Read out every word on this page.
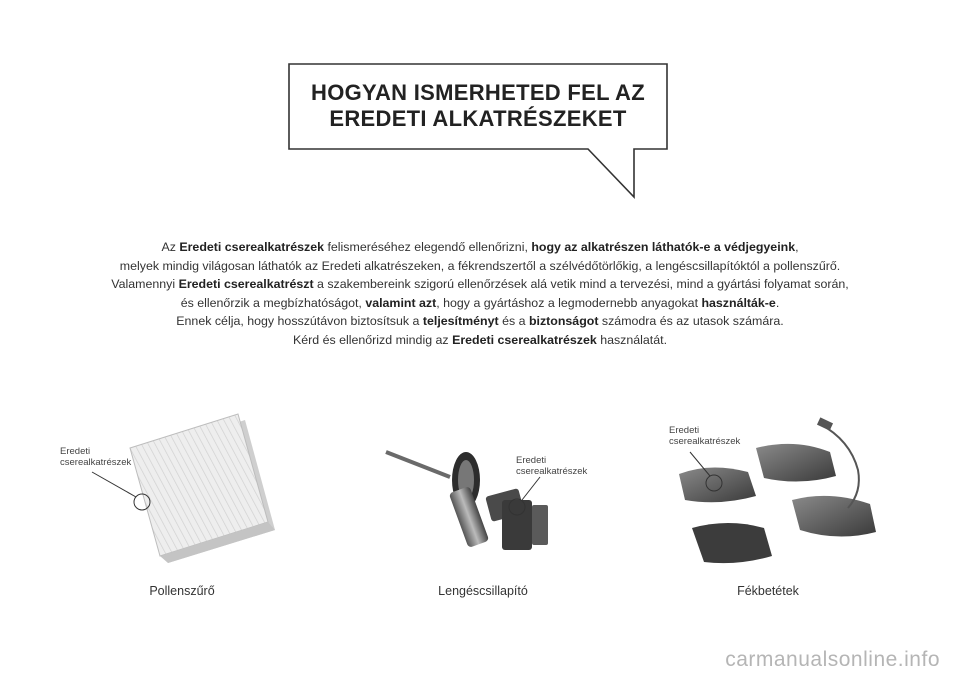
HOGYAN ISMERHETED FEL AZ
EREDETI ALKATRÉSZEKET
Az Eredeti cserealkatrészek felismeréséhez elegendő ellenőrizni, hogy az alkatrészen láthatók-e a védjegyeink,
melyek mindig világosan láthatók az Eredeti alkatrészeken, a fékrendszertől a szélvédőtörlőkig, a lengéscsillapítóktól a pollenszűrő.
Valamennyi Eredeti cserealkatrészt a szakembereink szigorú ellenőrzések alá vetik mind a tervezési, mind a gyártási folyamat során,
és ellenőrzik a megbízhatóságot, valamint azt, hogy a gyártáshoz a legmodernebb anyagokat használták-e.
Ennek célja, hogy hosszútávon biztosítsuk a teljesítményt és a biztonságot számodra és az utasok számára.
Kérd és ellenőrizd mindig az Eredeti cserealkatrészek használatát.
Eredeti
cserealkatrészek	Eredeti
cserealkatrészek
Eredeti
cserealkatrészek
Pollenszűrő	Lengéscsillapító	Fékbetétek
carmanualsonline.info
